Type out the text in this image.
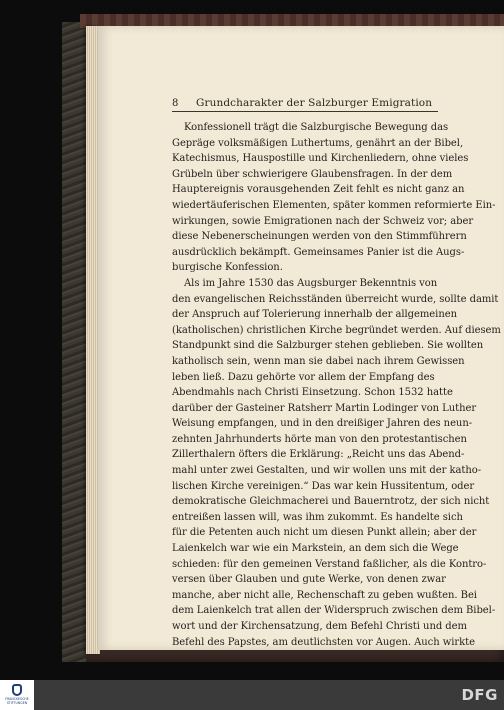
8 Grundcharakter der Salzburger Emigration
Konfessionell trägt die Salzburgische Bewegung das
Gepräge volksmäßigen Luthertums, genährt an der Bibel,
Katechismus, Hauspostille und Kirchenliedern, ohne vieles
Grübeln über schwierigere Glaubensfragen. In der dem
Hauptereignis vorausgehenden Zeit fehlt es nicht ganz an
wiedertäuferischen Elementen, später kommen reformierte Ein-
wirkungen, sowie Emigrationen nach der Schweiz vor; aber
diese Nebenerscheinungen werden von den Stimmführern
ausdrücklich bekämpft. Gemeinsames Panier ist die Augs-
burgische Konfession.
Als im Jahre 1530 das Augsburger Bekenntnis von
den evangelischen Reichsständen überreicht wurde, sollte damit
der Anspruch auf Tolerierung innerhalb der allgemeinen
(katholischen) christlichen Kirche begründet werden. Auf diesem
Standpunkt sind die Salzburger stehen geblieben. Sie wollten
katholisch sein, wenn man sie dabei nach ihrem Gewissen
leben ließ. Dazu gehörte vor allem der Empfang des
Abendmahls nach Christi Einsetzung. Schon 1532 hatte
darüber der Gasteiner Ratsherr Martin Lodinger von Luther
Weisung empfangen, und in den dreißiger Jahren des neun-
zehnten Jahrhunderts hörte man von den protestantischen
Zillerthalern öfters die Erklärung: „Reicht uns das Abend-
mahl unter zwei Gestalten, und wir wollen uns mit der katho-
lischen Kirche vereinigen.“ Das war kein Hussitentum, oder
demokratische Gleichmacherei und Bauerntrotz, der sich nicht
entreißen lassen will, was ihm zukommt. Es handelte sich
für die Petenten auch nicht um diesen Punkt allein; aber der
Laienkelch war wie ein Markstein, an dem sich die Wege
schieden: für den gemeinen Verstand faßlicher, als die Kontro-
versen über Glauben und gute Werke, von denen zwar
manche, aber nicht alle, Rechenschaft zu geben wußten. Bei
dem Laienkelch trat allen der Widerspruch zwischen dem Bibel-
wort und der Kirchensatzung, dem Befehl Christi und dem
Befehl des Papstes, am deutlichsten vor Augen. Auch wirkte
FRANCKESCHE STIFTUNGEN	DFG
